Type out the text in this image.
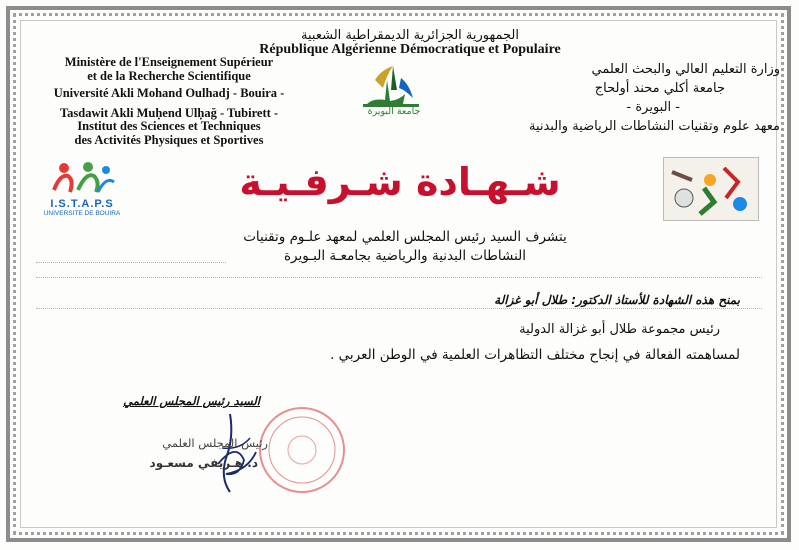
الجمهورية الجزائرية الديمقراطية الشعبية
République Algérienne Démocratique et Populaire
Ministère de l'Enseignement Supérieur
et de la Recherche Scientifique
Université Akli Mohand Oulhadj - Bouira -
Tasdawit Akli Muḥend Ulḥağ - Tubirett -
Institut des Sciences et Techniques
des Activités Physiques et Sportives
وزارة التعليم العالي والبحث العلمي
جامعة أكلي محند أولحاج
- البويرة -
معهد علوم وتقنيات النشاطات الرياضية والبدنية
جامعة البويرة
I.S.T.A.P.S
UNIVERSITE DE BOUIRA
شـهـادة شـرفـيـة
يتشرف السيد رئيس المجلس العلمي لمعهد علـوم وتقنيات
النشاطات البدنية والرياضية بجامعـة البـويرة
بمنح هذه الشهادة للأستاذ الدكتور: طلال أبو غزالة
رئيس مجموعة طلال أبو غزالة الدولية
لمساهمته الفعالة في إنجاح مختلف التظاهرات العلمية في الوطن العربي .
السيد رئيس المجلس العلمي
رئيس المجلس العلمي
د. هـريفي مسعـود
